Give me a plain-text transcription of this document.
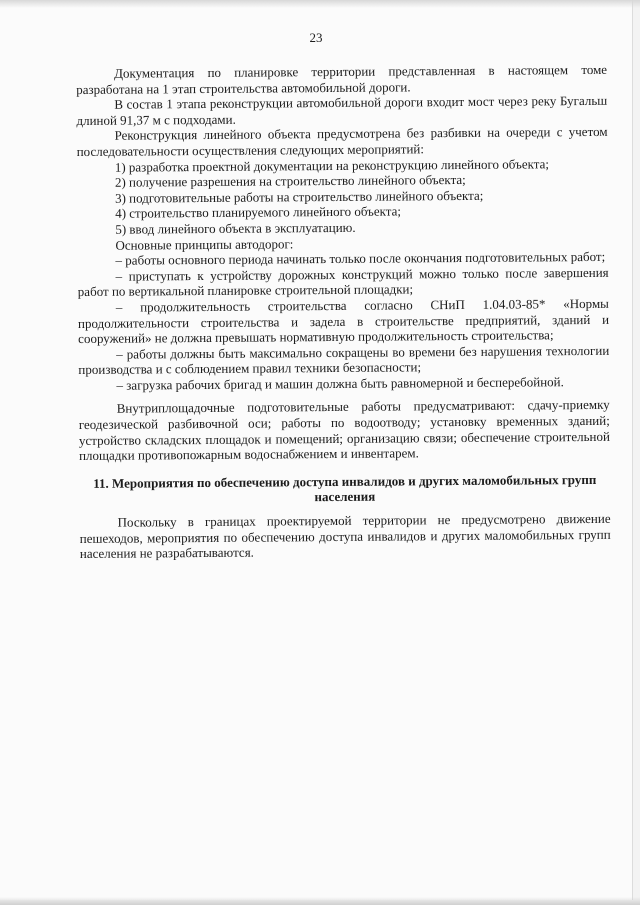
23

Документация по планировке территории представленная в настоящем томе разработана на 1 этап строительства автомобильной дороги.

В состав 1 этапа реконструкции автомобильной дороги входит мост через реку Бугальш длиной 91,37 м с подходами.

Реконструкция линейного объекта предусмотрена без разбивки на очереди с учетом последовательности осуществления следующих мероприятий:

1) разработка проектной документации на реконструкцию линейного объекта;

2) получение разрешения на строительство линейного объекта;

3) подготовительные работы на строительство линейного объекта;

4) строительство планируемого линейного объекта;

5) ввод линейного объекта в эксплуатацию.

Основные принципы автодорог:

– работы основного периода начинать только после окончания подготовительных работ;

– приступать к устройству дорожных конструкций можно только после завершения работ по вертикальной планировке строительной площадки;

– продолжительность строительства согласно СНиП 1.04.03-85* «Нормы продолжительности строительства и задела в строительстве предприятий, зданий и сооружений» не должна превышать нормативную продолжительность строительства;

– работы должны быть максимально сокращены во времени без нарушения технологии производства и с соблюдением правил техники безопасности;

– загрузка рабочих бригад и машин должна быть равномерной и бесперебойной.

Внутриплощадочные подготовительные работы предусматривают: сдачу-приемку геодезической разбивочной оси; работы по водоотводу; установку временных зданий; устройство складских площадок и помещений; организацию связи; обеспечение строительной площадки противопожарным водоснабжением и инвентарем.

11. Мероприятия по обеспечению доступа инвалидов и других маломобильных групп населения

Поскольку в границах проектируемой территории не предусмотрено движение пешеходов, мероприятия по обеспечению доступа инвалидов и других маломобильных групп населения не разрабатываются.
